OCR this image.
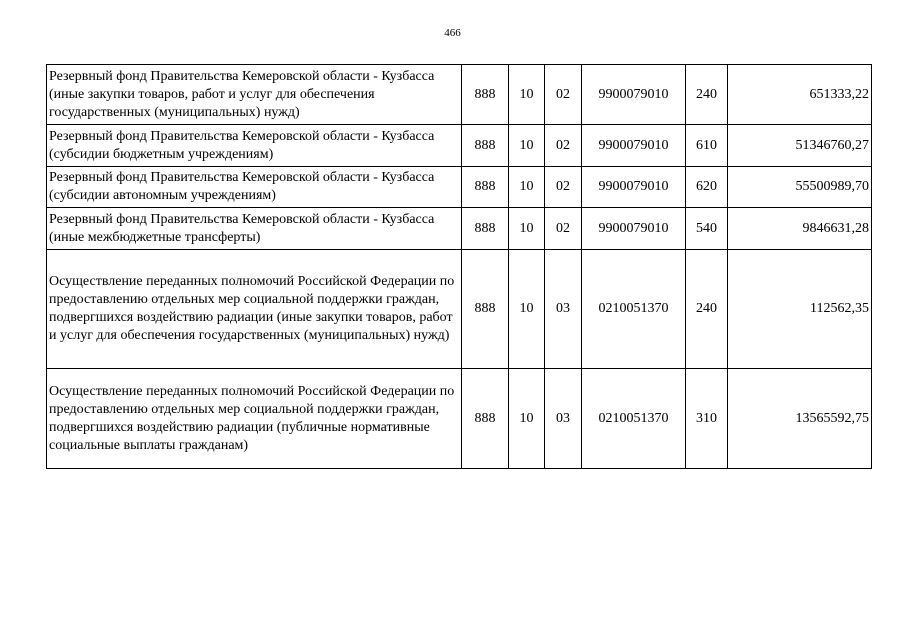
466
Резервный фонд Правительства Кемеровской области - Кузбасса (иные закупки товаров, работ и услуг для обеспечения государственных (муниципальных) нужд)	888	10	02	9900079010	240	651333,22
Резервный фонд Правительства Кемеровской области - Кузбасса (субсидии бюджетным учреждениям)	888	10	02	9900079010	610	51346760,27
Резервный фонд Правительства Кемеровской области - Кузбасса (субсидии автономным учреждениям)	888	10	02	9900079010	620	55500989,70
Резервный фонд Правительства Кемеровской области - Кузбасса (иные межбюджетные трансферты)	888	10	02	9900079010	540	9846631,28
Осуществление переданных полномочий Российской Федерации по предоставлению отдельных мер социальной поддержки граждан, подвергшихся воздействию радиации (иные закупки товаров, работ и услуг для обеспечения государственных (муниципальных) нужд)	888	10	03	0210051370	240	112562,35
Осуществление переданных полномочий Российской Федерации по предоставлению отдельных мер социальной поддержки граждан, подвергшихся воздействию радиации (публичные нормативные социальные выплаты гражданам)	888	10	03	0210051370	310	13565592,75
